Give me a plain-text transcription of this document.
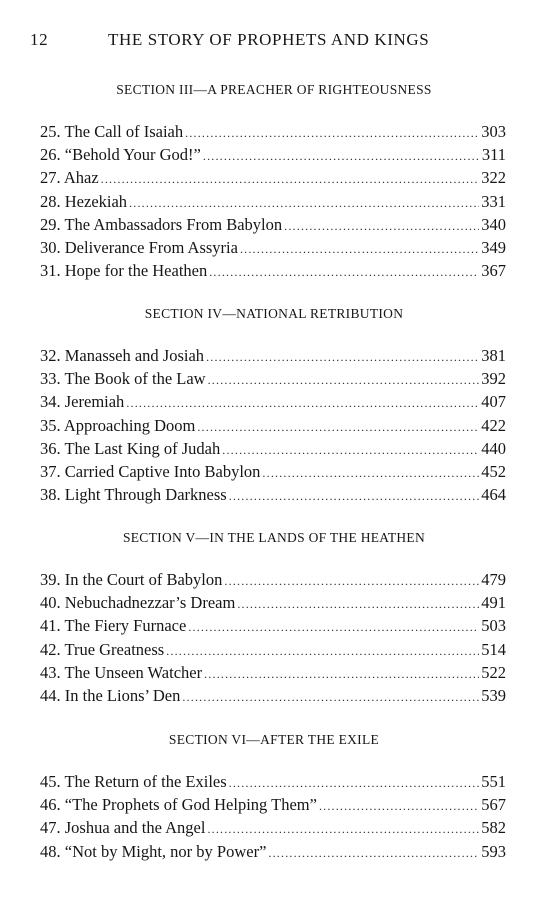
12	THE STORY OF PROPHETS AND KINGS
SECTION III—A PREACHER OF RIGHTEOUSNESS
25. The Call of Isaiah .....	303
26. “Behold Your God!” .....	311
27. Ahaz .....	322
28. Hezekiah .....	331
29. The Ambassadors From Babylon .....	340
30. Deliverance From Assyria .....	349
31. Hope for the Heathen .....	367
SECTION IV—NATIONAL RETRIBUTION
32. Manasseh and Josiah .....	381
33. The Book of the Law .....	392
34. Jeremiah .....	407
35. Approaching Doom .....	422
36. The Last King of Judah .....	440
37. Carried Captive Into Babylon .....	452
38. Light Through Darkness .....	464
SECTION V—IN THE LANDS OF THE HEATHEN
39. In the Court of Babylon .....	479
40. Nebuchadnezzar’s Dream .....	491
41. The Fiery Furnace .....	503
42. True Greatness .....	514
43. The Unseen Watcher .....	522
44. In the Lions’ Den .....	539
SECTION VI—AFTER THE EXILE
45. The Return of the Exiles .....	551
46. “The Prophets of God Helping Them” .....	567
47. Joshua and the Angel .....	582
48. “Not by Might, nor by Power” .....	593
